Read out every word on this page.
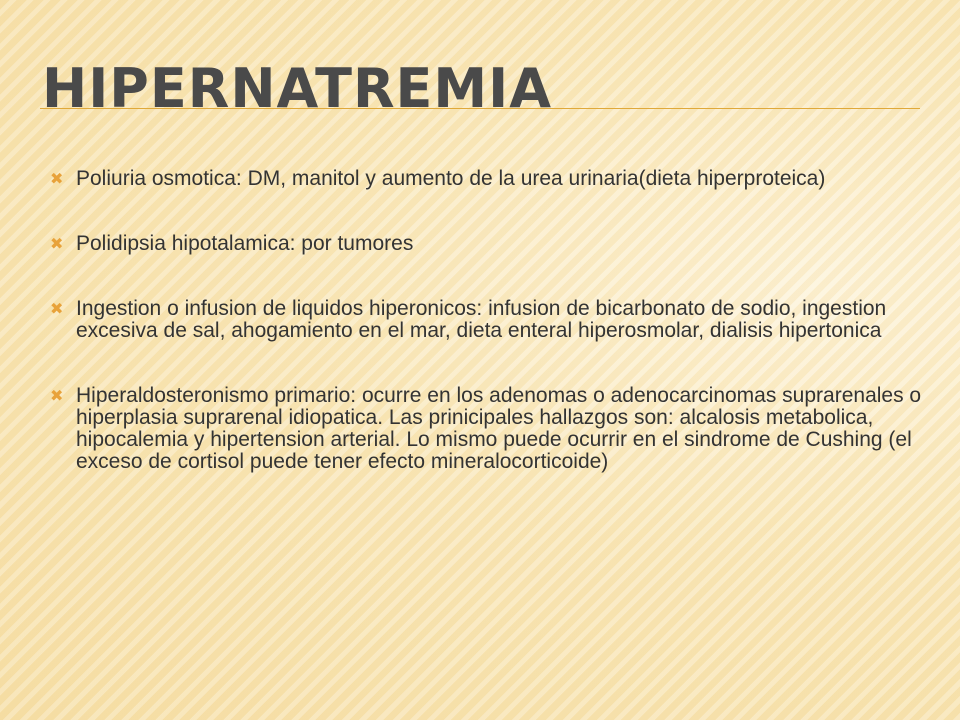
HIPERNATREMIA
✖ Poliuria osmotica: DM, manitol y aumento de la urea urinaria(dieta hiperproteica)
✖ Polidipsia hipotalamica: por tumores
✖ Ingestion o infusion de liquidos hiperonicos: infusion de bicarbonato de sodio, ingestion excesiva de sal, ahogamiento en el mar, dieta enteral hiperosmolar, dialisis hipertonica
✖ Hiperaldosteronismo primario: ocurre en los adenomas o adenocarcinomas suprarenales o hiperplasia suprarenal idiopatica. Las prinicipales hallazgos son: alcalosis metabolica, hipocalemia y hipertension arterial. Lo mismo puede ocurrir en el sindrome de Cushing (el exceso de cortisol puede tener efecto mineralocorticoide)
